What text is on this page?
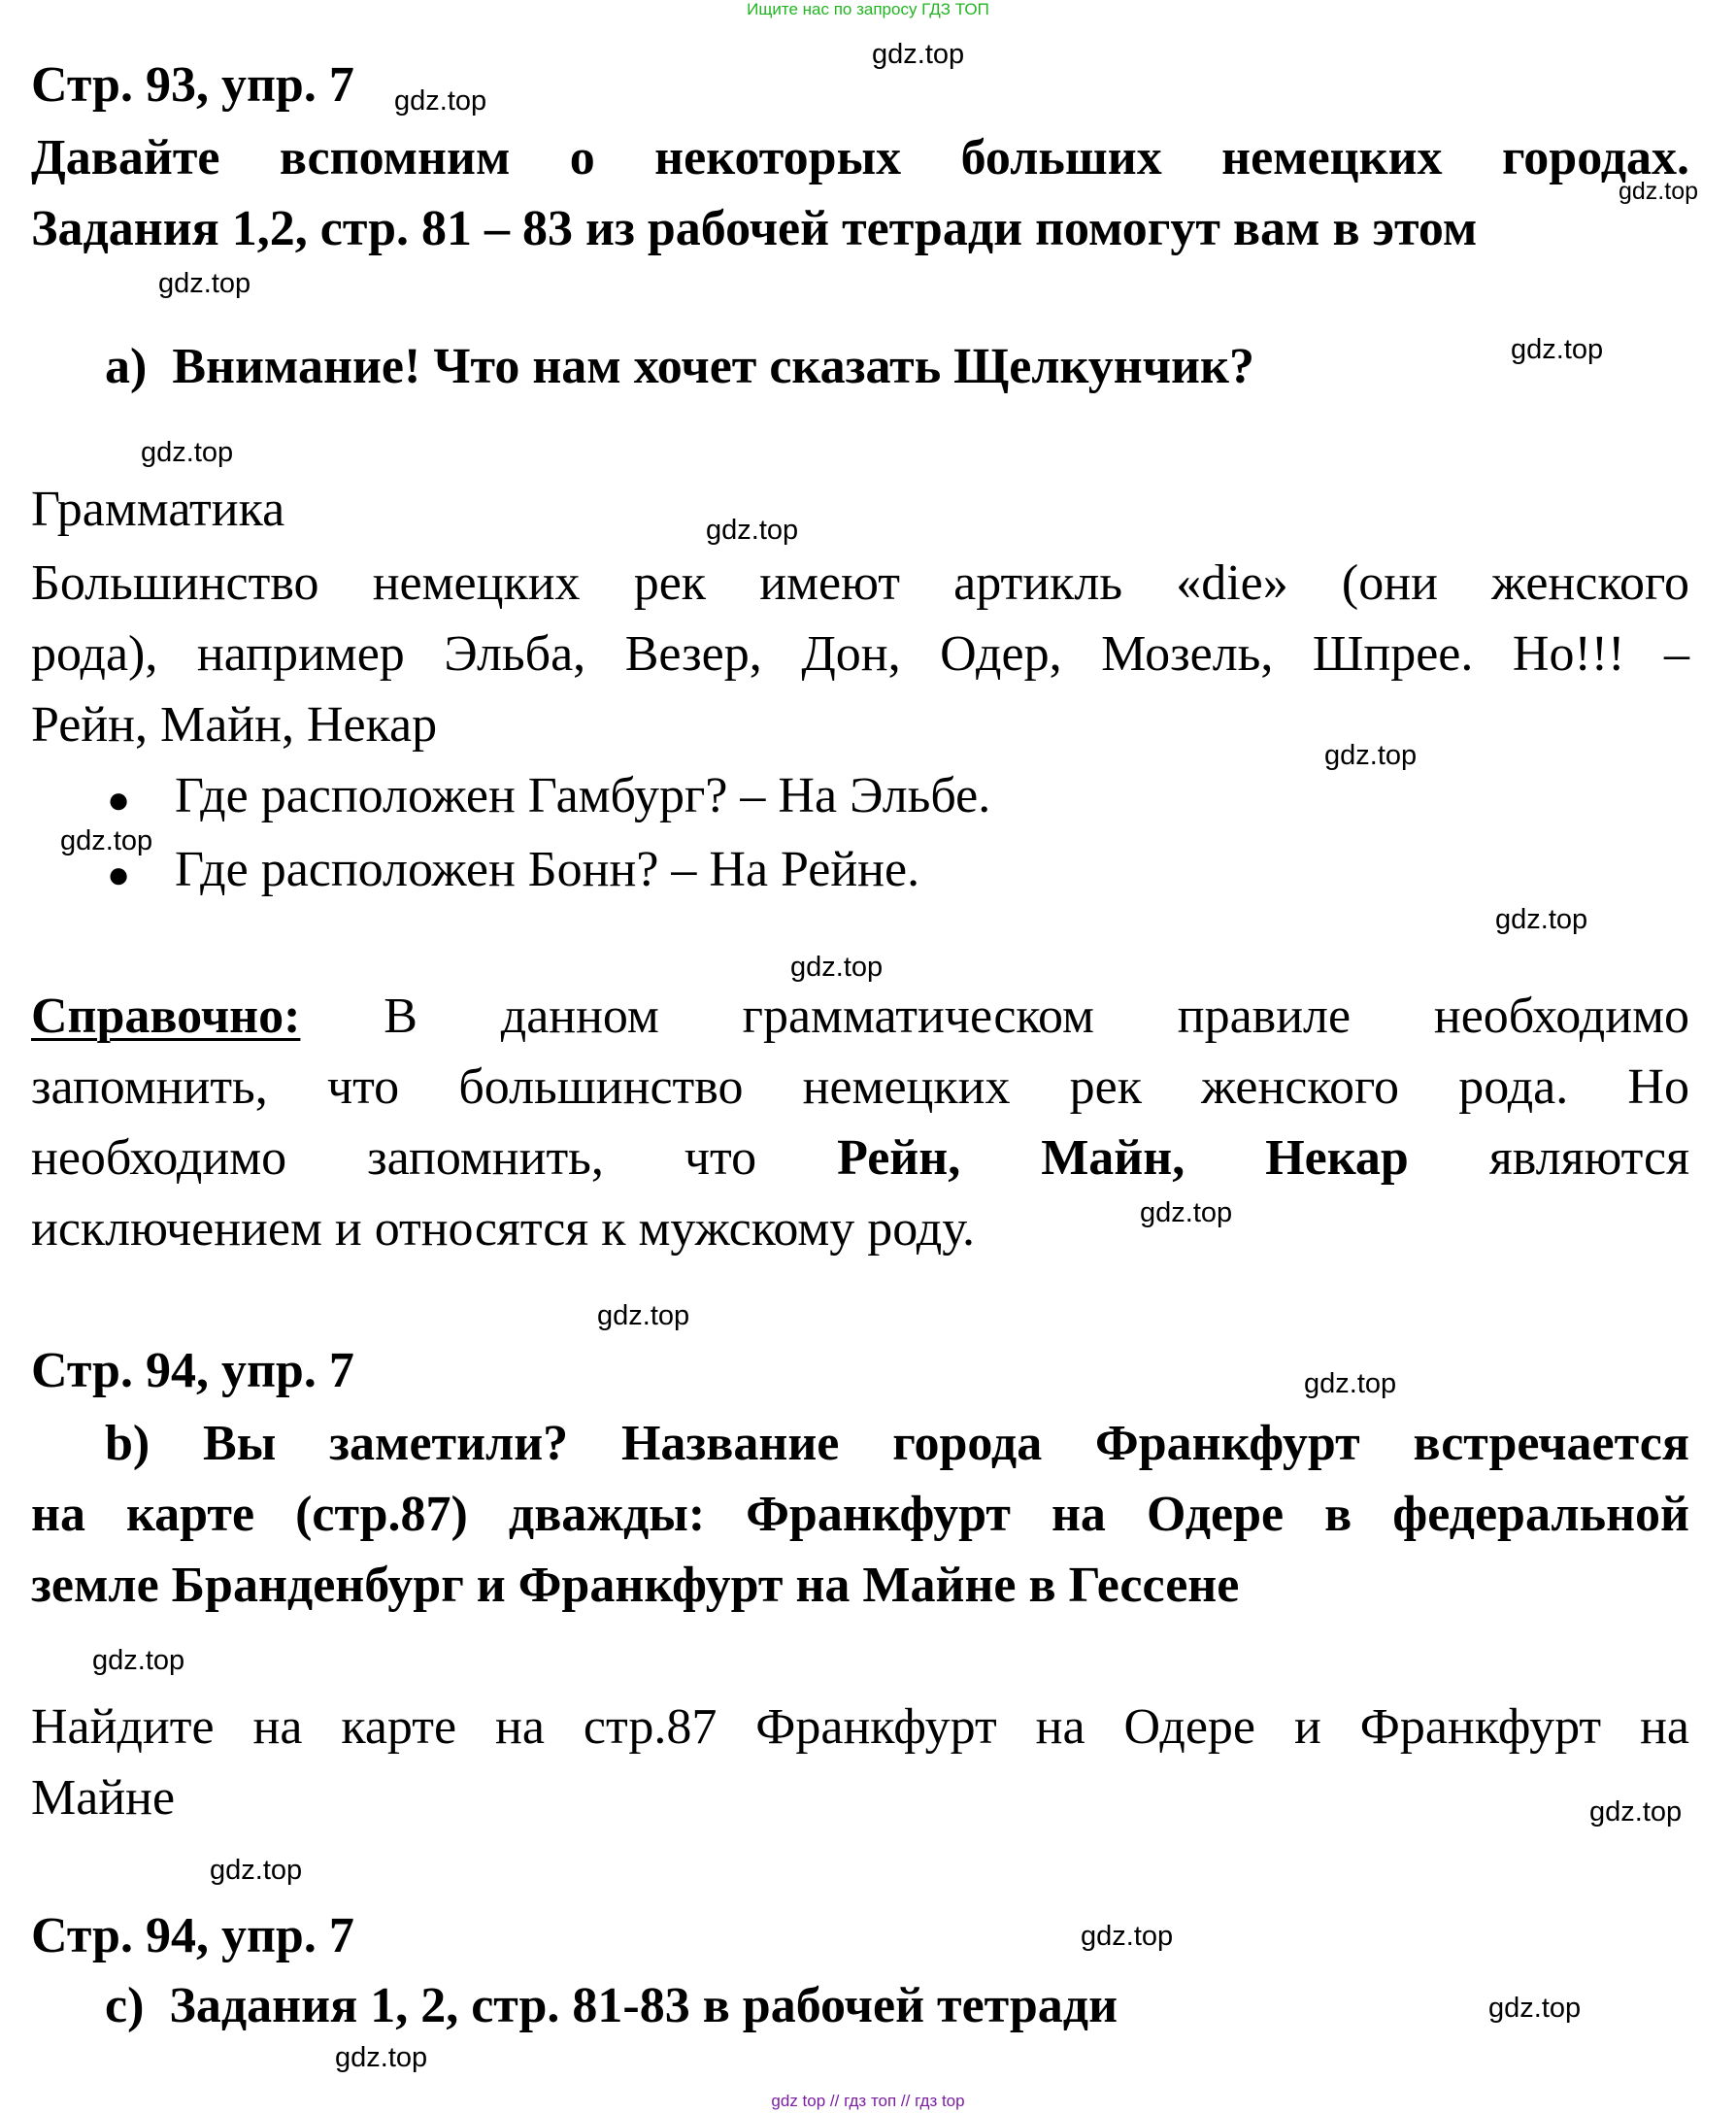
Ищите нас по запросу ГДЗ ТОП
Стр. 93, упр. 7
Давайте вспомним о некоторых больших немецких городах.
Задания 1,2, стр. 81 – 83 из рабочей тетради помогут вам в этом
a) Внимание! Что нам хочет сказать Щелкунчик?
Грамматика
Большинство немецких рек имеют артикль «die» (они женского
рода), например Эльба, Везер, Дон, Одер, Мозель, Шпрее. Но!!! –
Рейн, Майн, Некар
● Где расположен Гамбург? – На Эльбе.
● Где расположен Бонн? – На Рейне.
Справочно: В данном грамматическом правиле необходимо
запомнить, что большинство немецких рек женского рода. Но
необходимо запомнить, что Рейн, Майн, Некар являются
исключением и относятся к мужскому роду.
Стр. 94, упр. 7
b) Вы заметили? Название города Франкфурт встречается
на карте (стр.87) дважды: Франкфурт на Одере в федеральной
земле Бранденбург и Франкфурт на Майне в Гессене
Найдите на карте на стр.87 Франкфурт на Одере и Франкфурт на
Майне
Стр. 94, упр. 7
c) Задания 1, 2, стр. 81-83 в рабочей тетради
gdz.top
gdz.top
gdz.top
gdz.top
gdz.top
gdz.top
gdz.top
gdz.top
gdz.top
gdz.top
gdz.top
gdz.top
gdz.top
gdz.top
gdz.top
gdz.top
gdz.top
gdz.top
gdz.top
gdz.top
gdz top // гдз топ // гдз top
